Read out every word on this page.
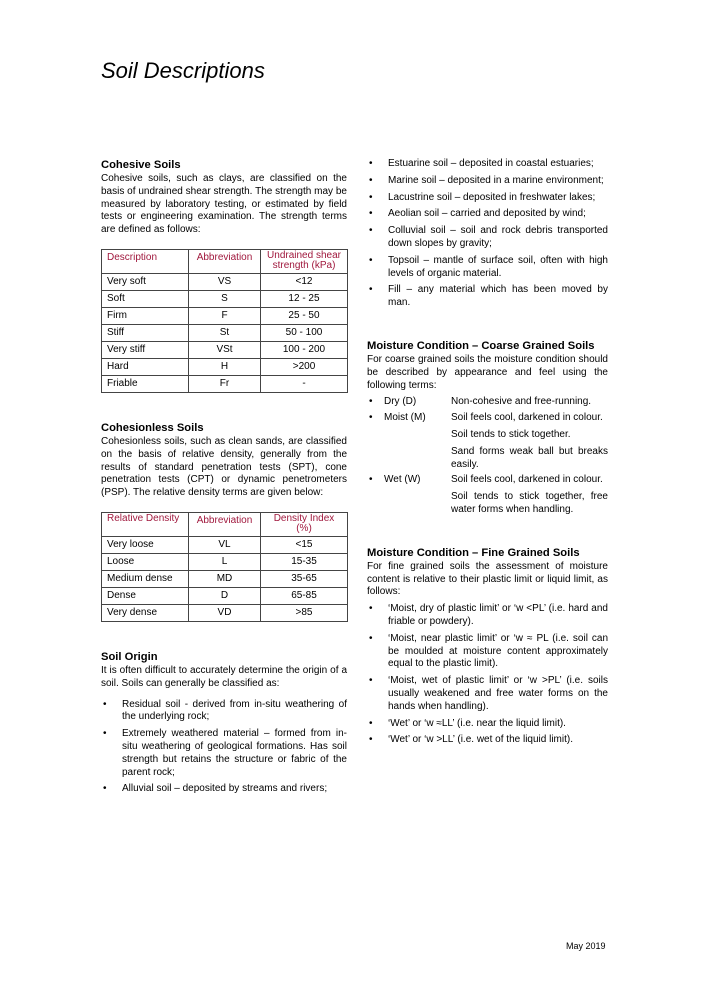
Soil Descriptions
Cohesive Soils

Cohesive soils, such as clays, are classified on the basis of undrained shear strength. The strength may be measured by laboratory testing, or estimated by field tests or engineering examination. The strength terms are defined as follows:

Description	Abbreviation	Undrained shear strength (kPa)
Very soft	VS	<12
Soft	S	12 - 25
Firm	F	25 - 50
Stiff	St	50 - 100
Very stiff	VSt	100 - 200
Hard	H	>200
Friable	Fr	-
Cohesionless Soils

Cohesionless soils, such as clean sands, are classified on the basis of relative density, generally from the results of standard penetration tests (SPT), cone penetration tests (CPT) or dynamic penetrometers (PSP). The relative density terms are given below:

Relative Density	Abbreviation	Density Index (%)
Very loose	VL	<15
Loose	L	15-35
Medium dense	MD	35-65
Dense	D	65-85
Very dense	VD	>85
Soil Origin

It is often difficult to accurately determine the origin of a soil. Soils can generally be classified as:

• Residual soil - derived from in-situ weathering of the underlying rock;
• Extremely weathered material – formed from in-situ weathering of geological formations. Has soil strength but retains the structure or fabric of the parent rock;
• Alluvial soil – deposited by streams and rivers;
• Estuarine soil – deposited in coastal estuaries;
• Marine soil – deposited in a marine environment;
• Lacustrine soil – deposited in freshwater lakes;
• Aeolian soil – carried and deposited by wind;
• Colluvial soil – soil and rock debris transported down slopes by gravity;
• Topsoil – mantle of surface soil, often with high levels of organic material.
• Fill – any material which has been moved by man.
Moisture Condition – Coarse Grained Soils

For coarse grained soils the moisture condition should be described by appearance and feel using the following terms:

• Dry (D)	Non-cohesive and free-running.
• Moist (M)	Soil feels cool, darkened in colour.
Soil tends to stick together.
Sand forms weak ball but breaks easily.
• Wet (W)	Soil feels cool, darkened in colour.
Soil tends to stick together, free water forms when handling.
Moisture Condition – Fine Grained Soils

For fine grained soils the assessment of moisture content is relative to their plastic limit or liquid limit, as follows:

• ‘Moist, dry of plastic limit’ or ‘w <PL’ (i.e. hard and friable or powdery).
• ‘Moist, near plastic limit’ or ‘w ≈ PL (i.e. soil can be moulded at moisture content approximately equal to the plastic limit).
• ‘Moist, wet of plastic limit’ or ‘w >PL’ (i.e. soils usually weakened and free water forms on the hands when handling).
• ‘Wet’ or ‘w ≈LL’ (i.e. near the liquid limit).
• ‘Wet’ or ‘w >LL’ (i.e. wet of the liquid limit).
May 2019
